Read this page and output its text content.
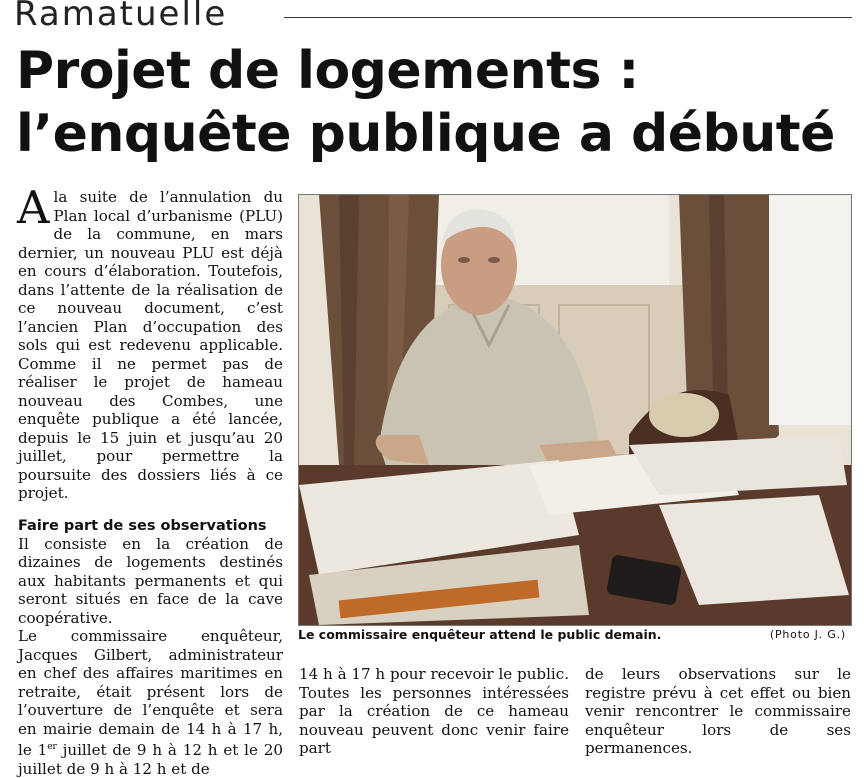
Ramatuelle
Projet de logements :
l’enquête publique a débuté

Ala suite de l’annulation du Plan local d’urbanisme (PLU) de la commune, en mars dernier, un nouveau PLU est déjà en cours d’élaboration. Toutefois, dans l’attente de la réalisation de ce nouveau document, c’est l’ancien Plan d’occupation des sols qui est redevenu applicable. Comme il ne permet pas de réaliser le projet de hameau nouveau des Combes, une enquête publique a été lancée, depuis le 15 juin et jusqu’au 20 juillet, pour permettre la poursuite des dossiers liés à ce projet.

Faire part de ses observations

Il consiste en la création de dizaines de logements destinés aux habitants permanents et qui seront situés en face de la cave coopérative.

Le commissaire enquêteur, Jacques Gilbert, administrateur en chef des affaires maritimes en retraite, était présent lors de l’ouverture de l’enquête et sera en mairie demain de 14 h à 17 h, le 1er juillet de 9 h à 12 h et le 20 juillet de 9 h à 12 h et de

Le commissaire enquêteur attend le public demain.	(Photo J. G.)

14 h à 17 h pour recevoir le public. Toutes les personnes intéressées par la création de ce hameau nouveau peuvent donc venir faire part

de leurs observations sur le registre prévu à cet effet ou bien venir rencontrer le commissaire enquêteur lors de ses permanences.
